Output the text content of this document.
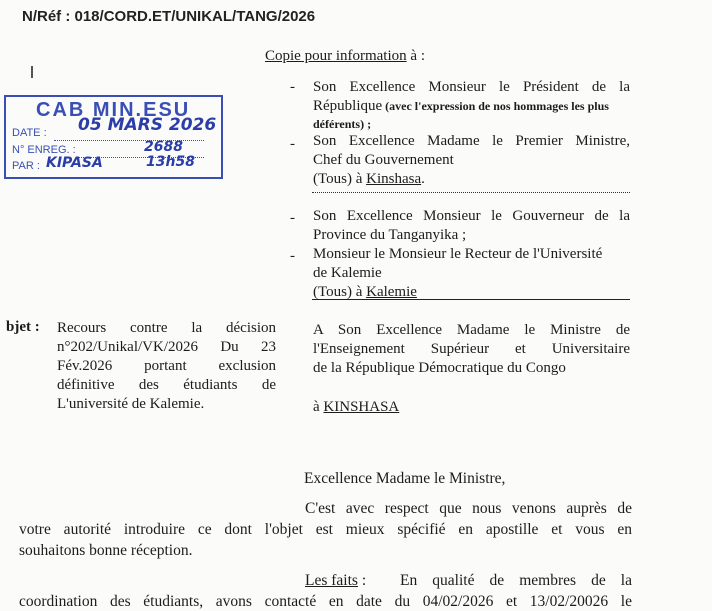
N/Réf : 018/CORD.ET/UNIKAL/TANG/2026
Copie pour information à :
- Son Excellence Monsieur le Président de la
République (avec l'expression de nos hommages les plus
déférents) ;
- Son Excellence Madame le Premier Ministre,
Chef du Gouvernement
(Tous) à Kinshasa.
- Son Excellence Monsieur le Gouverneur de la
Province du Tanganyika ;
- Monsieur le Monsieur le Recteur de l'Université
de Kalemie
(Tous) à Kalemie
CAB MIN.ESU
DATE : 05 MARS 2026
N° ENREG. :	2688
PAR : KIPASA	13h58
bjet : Recours contre la décision
n°202/Unikal/VK/2026 Du 23
Fév.2026 portant exclusion
définitive des étudiants de
L'université de Kalemie.
A Son Excellence Madame le Ministre de
l'Enseignement Supérieur et Universitaire
de la République Démocratique du Congo
à KINSHASA
Excellence Madame le Ministre,
C'est avec respect que nous venons auprès de
votre autorité introduire ce dont l'objet est mieux spécifié en apostille et vous en
souhaitons bonne réception.
Les faits : En qualité de membres de la
coordination des étudiants, avons contacté en date du 04/02/2026 et 13/02/20026 le
